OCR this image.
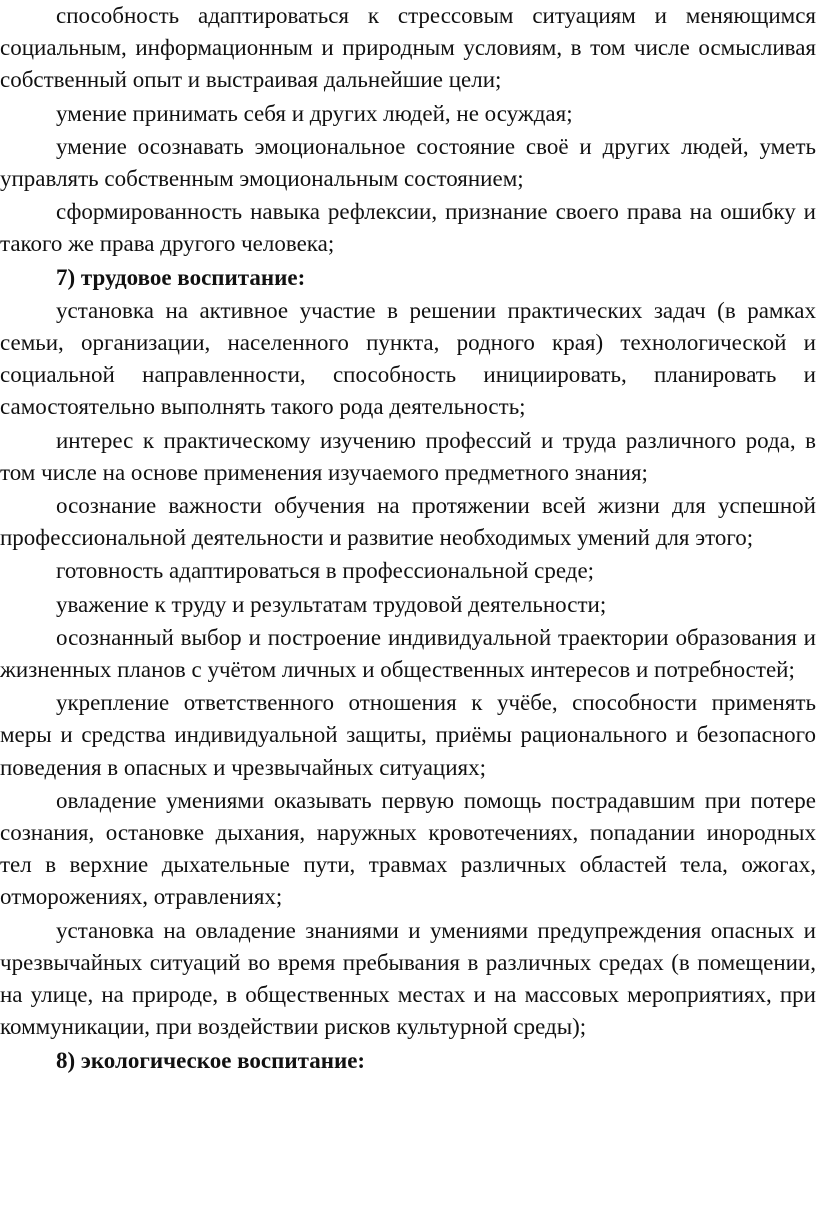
способность адаптироваться к стрессовым ситуациям и меняющимся социальным, информационным и природным условиям, в том числе осмысливая собственный опыт и выстраивая дальнейшие цели;

умение принимать себя и других людей, не осуждая;

умение осознавать эмоциональное состояние своё и других людей, уметь управлять собственным эмоциональным состоянием;

сформированность навыка рефлексии, признание своего права на ошибку и такого же права другого человека;

7) трудовое воспитание:

установка на активное участие в решении практических задач (в рамках семьи, организации, населенного пункта, родного края) технологической и социальной направленности, способность инициировать, планировать и самостоятельно выполнять такого рода деятельность;

интерес к практическому изучению профессий и труда различного рода, в том числе на основе применения изучаемого предметного знания;

осознание важности обучения на протяжении всей жизни для успешной профессиональной деятельности и развитие необходимых умений для этого;

готовность адаптироваться в профессиональной среде;

уважение к труду и результатам трудовой деятельности;

осознанный выбор и построение индивидуальной траектории образования и жизненных планов с учётом личных и общественных интересов и потребностей;

укрепление ответственного отношения к учёбе, способности применять меры и средства индивидуальной защиты, приёмы рационального и безопасного поведения в опасных и чрезвычайных ситуациях;

овладение умениями оказывать первую помощь пострадавшим при потере сознания, остановке дыхания, наружных кровотечениях, попадании инородных тел в верхние дыхательные пути, травмах различных областей тела, ожогах, отморожениях, отравлениях;

установка на овладение знаниями и умениями предупреждения опасных и чрезвычайных ситуаций во время пребывания в различных средах (в помещении, на улице, на природе, в общественных местах и на массовых мероприятиях, при коммуникации, при воздействии рисков культурной среды);

8) экологическое воспитание:
